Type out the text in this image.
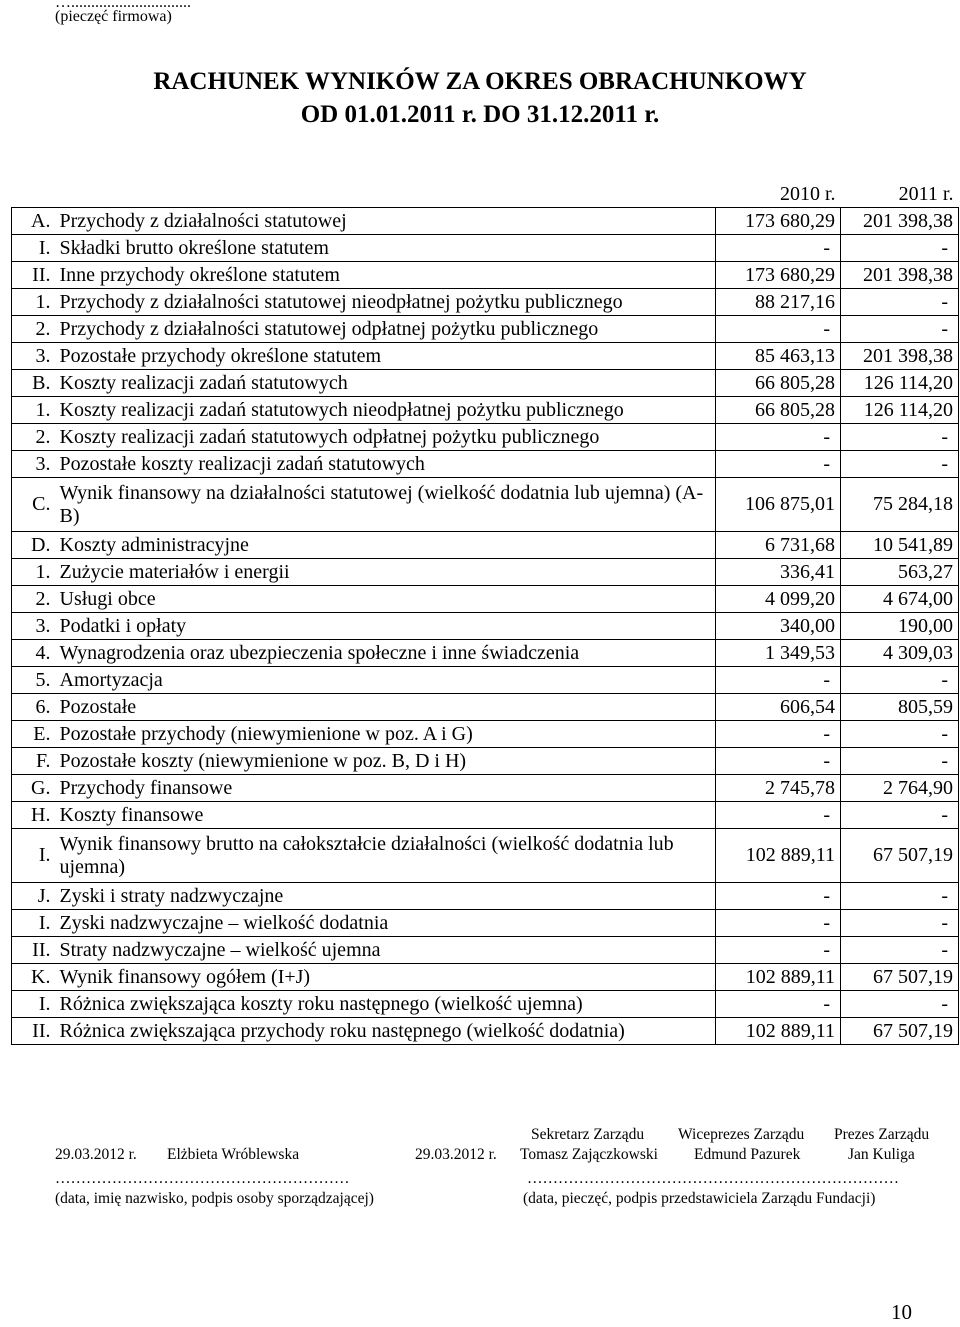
…..............................
(pieczęć firmowa)
RACHUNEK WYNIKÓW ZA OKRES OBRACHUNKOWY
OD 01.01.2011 r. DO 31.12.2011 r.
		2010 r.	2011 r.
A.	Przychody z działalności statutowej	173 680,29	201 398,38
I.	Składki brutto określone statutem	-	-
II.	Inne przychody określone statutem	173 680,29	201 398,38
1.	Przychody z działalności statutowej nieodpłatnej pożytku publicznego	88 217,16	-
2.	Przychody z działalności statutowej odpłatnej pożytku publicznego	-	-
3.	Pozostałe przychody określone statutem	85 463,13	201 398,38
B.	Koszty realizacji zadań statutowych	66 805,28	126 114,20
1.	Koszty realizacji zadań statutowych nieodpłatnej pożytku publicznego	66 805,28	126 114,20
2.	Koszty realizacji zadań statutowych odpłatnej pożytku publicznego	-	-
3.	Pozostałe koszty realizacji zadań statutowych	-	-
C.	Wynik finansowy na działalności statutowej (wielkość dodatnia lub ujemna) (A-B)	106 875,01	75 284,18
D.	Koszty administracyjne	6 731,68	10 541,89
1.	Zużycie materiałów i energii	336,41	563,27
2.	Usługi obce	4 099,20	4 674,00
3.	Podatki i opłaty	340,00	190,00
4.	Wynagrodzenia oraz ubezpieczenia społeczne i inne świadczenia	1 349,53	4 309,03
5.	Amortyzacja	-	-
6.	Pozostałe	606,54	805,59
E.	Pozostałe przychody (niewymienione w poz. A i G)	-	-
F.	Pozostałe koszty (niewymienione w poz. B, D i H)	-	-
G.	Przychody finansowe	2 745,78	2 764,90
H.	Koszty finansowe	-	-
I.	Wynik finansowy brutto na całokształcie działalności (wielkość dodatnia lub ujemna)	102 889,11	67 507,19
J.	Zyski i straty nadzwyczajne	-	-
I.	Zyski nadzwyczajne – wielkość dodatnia	-	-
II.	Straty nadzwyczajne – wielkość ujemna	-	-
K.	Wynik finansowy ogółem (I+J)	102 889,11	67 507,19
I.	Różnica zwiększająca koszty roku następnego (wielkość ujemna)	-	-
II.	Różnica zwiększająca przychody roku następnego (wielkość dodatnia)	102 889,11	67 507,19
Sekretarz Zarządu Wiceprezes Zarządu Prezes Zarządu
29.03.2012 r. Elżbieta Wróblewska	29.03.2012 r. Tomasz Zajączkowski Edmund Pazurek	Jan Kuliga
…………………………………………………	………………………………………………………………
(data, imię nazwisko, podpis osoby sporządzającej)	(data, pieczęć, podpis przedstawiciela Zarządu Fundacji)
10
